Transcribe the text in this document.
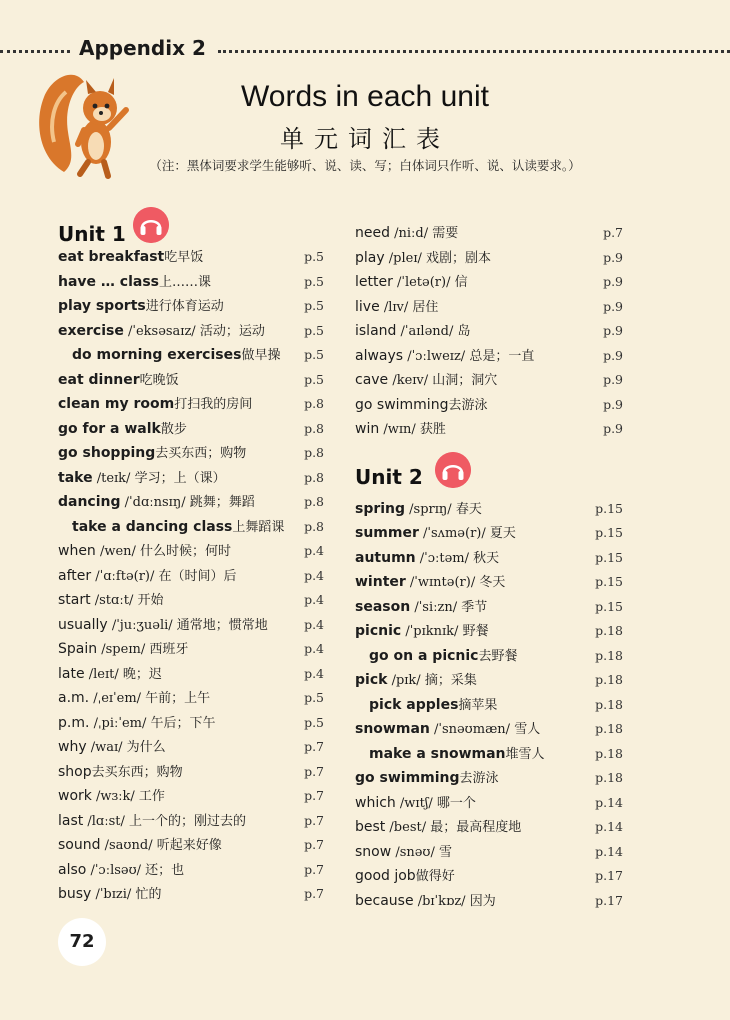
Appendix 2
Words in each unit
单元词汇表
（注：黑体词要求学生能够听、说、读、写；白体词只作听、说、认读要求。）
Unit 1
Unit 2
eat breakfast吃早饭	p.5
have … class上……课	p.5
play sports进行体育运动	p.5
exercise /ˈeksəsaɪz/ 活动；运动	p.5
do morning exercises做早操 p.5
eat dinner吃晚饭	p.5
clean my room打扫我的房间	p.8
go for a walk散步	p.8
go shopping去买东西；购物	p.8
take /teɪk/ 学习；上（课）	p.8
dancing /ˈdɑːnsɪŋ/ 跳舞；舞蹈	p.8
take a dancing class上舞蹈课 p.8
when /wen/ 什么时候；何时	p.4
after /ˈɑːftə(r)/ 在（时间）后	p.4
start /stɑːt/ 开始	p.4
usually /ˈjuːʒuəli/ 通常地；惯常地	p.4
Spain /speɪn/ 西班牙	p.4
late /leɪt/ 晚；迟	p.4
a.m. /ˌeɪˈem/ 午前；上午	p.5
p.m. /ˌpiːˈem/ 午后；下午	p.5
why /waɪ/ 为什么	p.7
shop去买东西；购物	p.7
work /wɜːk/ 工作	p.7
last /lɑːst/ 上一个的；刚过去的	p.7
sound /saʊnd/ 听起来好像	p.7
also /ˈɔːlsəʊ/ 还；也	p.7
busy /ˈbɪzi/ 忙的	p.7
need /niːd/ 需要	p.7
play /pleɪ/ 戏剧；剧本	p.9
letter /ˈletə(r)/ 信	p.9
live /lɪv/ 居住	p.9
island /ˈaɪlənd/ 岛	p.9
always /ˈɔːlweɪz/ 总是；一直	p.9
cave /keɪv/ 山洞；洞穴	p.9
go swimming去游泳	p.9
win /wɪn/ 获胜	p.9
spring /sprɪŋ/ 春天	p.15
summer /ˈsʌmə(r)/ 夏天	p.15
autumn /ˈɔːtəm/ 秋天	p.15
winter /ˈwɪntə(r)/ 冬天	p.15
season /ˈsiːzn/ 季节	p.15
picnic /ˈpɪknɪk/ 野餐	p.18
go on a picnic去野餐	p.18
pick /pɪk/ 摘；采集	p.18
pick apples摘苹果	p.18
snowman /ˈsnəʊmæn/ 雪人	p.18
make a snowman堆雪人	p.18
go swimming去游泳	p.18
which /wɪtʃ/ 哪一个	p.14
best /best/ 最；最高程度地	p.14
snow /snəʊ/ 雪	p.14
good job做得好	p.17
because /bɪˈkɒz/ 因为	p.17
72
